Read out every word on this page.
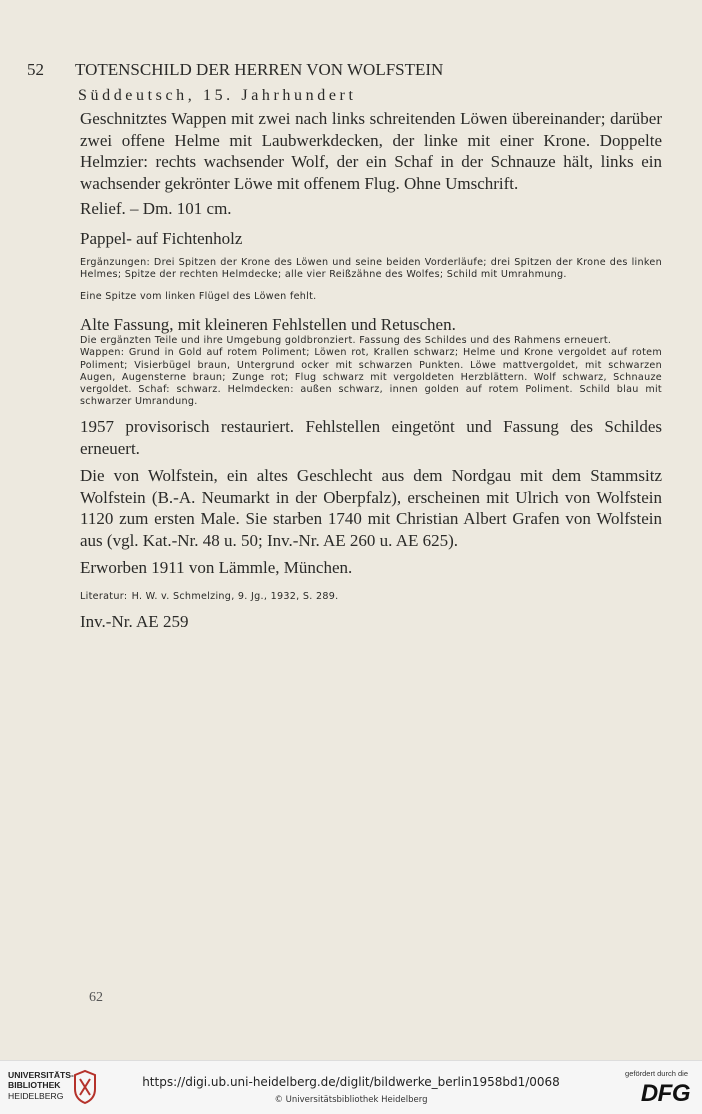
52 TOTENSCHILD DER HERREN VON WOLFSTEIN
Süddeutsch, 15. Jahrhundert

Geschnitztes Wappen mit zwei nach links schreitenden Löwen übereinander; darüber zwei offene Helme mit Laubwerkdecken, der linke mit einer Krone. Doppelte Helmzier: rechts wachsender Wolf, der ein Schaf in der Schnauze hält, links ein wachsender gekrönter Löwe mit offenem Flug. Ohne Umschrift.

Relief. – Dm. 101 cm.

Pappel- auf Fichtenholz

Ergänzungen: Drei Spitzen der Krone des Löwen und seine beiden Vorderläufe; drei Spitzen der Krone des linken Helmes; Spitze der rechten Helmdecke; alle vier Reißzähne des Wolfes; Schild mit Umrahmung.

Eine Spitze vom linken Flügel des Löwen fehlt.

Alte Fassung, mit kleineren Fehlstellen und Retuschen.

Die ergänzten Teile und ihre Umgebung goldbronziert. Fassung des Schildes und des Rahmens erneuert.

Wappen: Grund in Gold auf rotem Poliment; Löwen rot, Krallen schwarz; Helme und Krone vergoldet auf rotem Poliment; Visierbügel braun, Untergrund ocker mit schwarzen Punkten. Löwe mattvergoldet, mit schwarzen Augen, Augensterne braun; Zunge rot; Flug schwarz mit vergoldeten Herzblättern. Wolf schwarz, Schnauze vergoldet. Schaf: schwarz. Helmdecken: außen schwarz, innen golden auf rotem Poliment. Schild blau mit schwarzer Umrandung.

1957 provisorisch restauriert. Fehlstellen eingetönt und Fassung des Schildes erneuert.

Die von Wolfstein, ein altes Geschlecht aus dem Nordgau mit dem Stammsitz Wolfstein (B.-A. Neumarkt in der Oberpfalz), erscheinen mit Ulrich von Wolfstein 1120 zum ersten Male. Sie starben 1740 mit Christian Albert Grafen von Wolfstein aus (vgl. Kat.-Nr. 48 u. 50; Inv.-Nr. AE 260 u. AE 625).

Erworben 1911 von Lämmle, München.

Literatur: H. W. v. Schmelzing, 9. Jg., 1932, S. 289.

Inv.-Nr. AE 259

62
UNIVERSITÄTS-
BIBLIOTHEK
HEIDELBERG
https://digi.ub.uni-heidelberg.de/diglit/bildwerke_berlin1958bd1/0068
© Universitätsbibliothek Heidelberg
gefördert durch die
DFG
